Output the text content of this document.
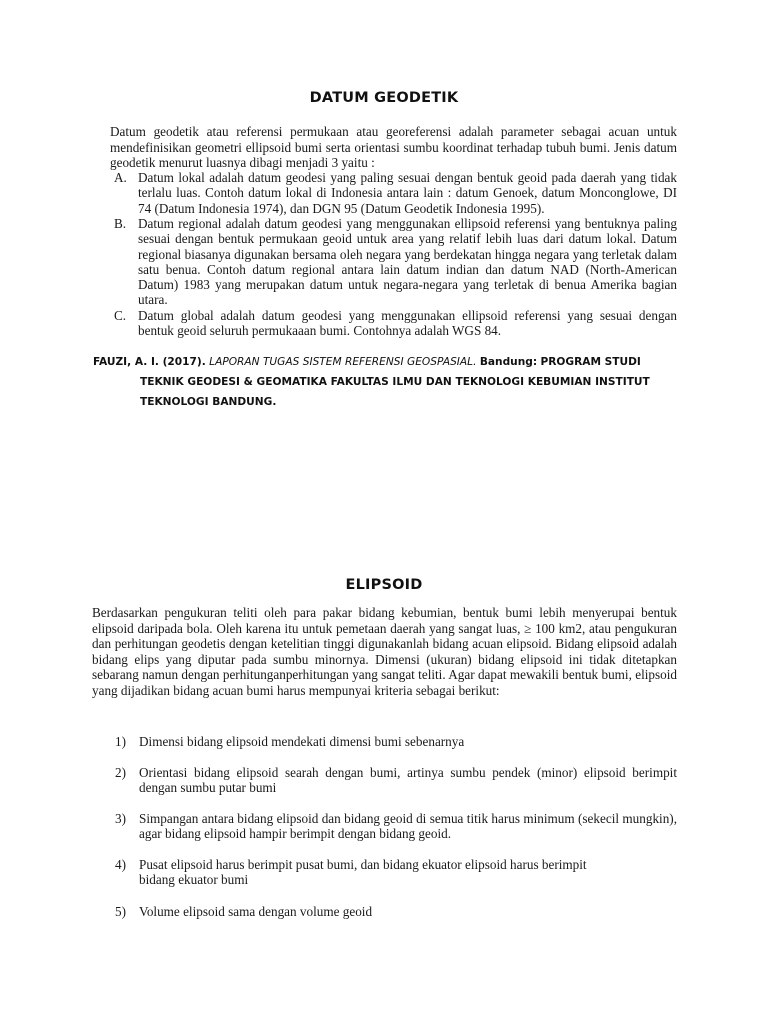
DATUM GEODETIK
Datum geodetik atau referensi permukaan atau georeferensi adalah parameter sebagai acuan untuk mendefinisikan geometri ellipsoid bumi serta orientasi sumbu koordinat terhadap tubuh bumi. Jenis datum geodetik menurut luasnya dibagi menjadi 3 yaitu :
A. Datum lokal adalah datum geodesi yang paling sesuai dengan bentuk geoid pada daerah yang tidak terlalu luas. Contoh datum lokal di Indonesia antara lain : datum Genoek, datum Monconglowe, DI 74 (Datum Indonesia 1974), dan DGN 95 (Datum Geodetik Indonesia 1995).
B. Datum regional adalah datum geodesi yang menggunakan ellipsoid referensi yang bentuknya paling sesuai dengan bentuk permukaan geoid untuk area yang relatif lebih luas dari datum lokal. Datum regional biasanya digunakan bersama oleh negara yang berdekatan hingga negara yang terletak dalam satu benua. Contoh datum regional antara lain datum indian dan datum NAD (North-American Datum) 1983 yang merupakan datum untuk negara-negara yang terletak di benua Amerika bagian utara.
C. Datum global adalah datum geodesi yang menggunakan ellipsoid referensi yang sesuai dengan bentuk geoid seluruh permukaaan bumi. Contohnya adalah WGS 84.
FAUZI, A. I. (2017). LAPORAN TUGAS SISTEM REFERENSI GEOSPASIAL. Bandung: PROGRAM STUDI
TEKNIK GEODESI & GEOMATIKA FAKULTAS ILMU DAN TEKNOLOGI KEBUMIAN INSTITUT
TEKNOLOGI BANDUNG.
ELIPSOID
Berdasarkan pengukuran teliti oleh para pakar bidang kebumian, bentuk bumi lebih menyerupai bentuk elipsoid daripada bola. Oleh karena itu untuk pemetaan daerah yang sangat luas, ≥ 100 km2, atau pengukuran dan perhitungan geodetis dengan ketelitian tinggi digunakanlah bidang acuan elipsoid. Bidang elipsoid adalah bidang elips yang diputar pada sumbu minornya. Dimensi (ukuran) bidang elipsoid ini tidak ditetapkan sebarang namun dengan perhitunganperhitungan yang sangat teliti. Agar dapat mewakili bentuk bumi, elipsoid yang dijadikan bidang acuan bumi harus mempunyai kriteria sebagai berikut:
1) Dimensi bidang elipsoid mendekati dimensi bumi sebenarnya
2) Orientasi bidang elipsoid searah dengan bumi, artinya sumbu pendek (minor) elipsoid berimpit dengan sumbu putar bumi
3) Simpangan antara bidang elipsoid dan bidang geoid di semua titik harus minimum (sekecil mungkin), agar bidang elipsoid hampir berimpit dengan bidang geoid.
4) Pusat elipsoid harus berimpit pusat bumi, dan bidang ekuator elipsoid harus berimpit
bidang ekuator bumi
5) Volume elipsoid sama dengan volume geoid
